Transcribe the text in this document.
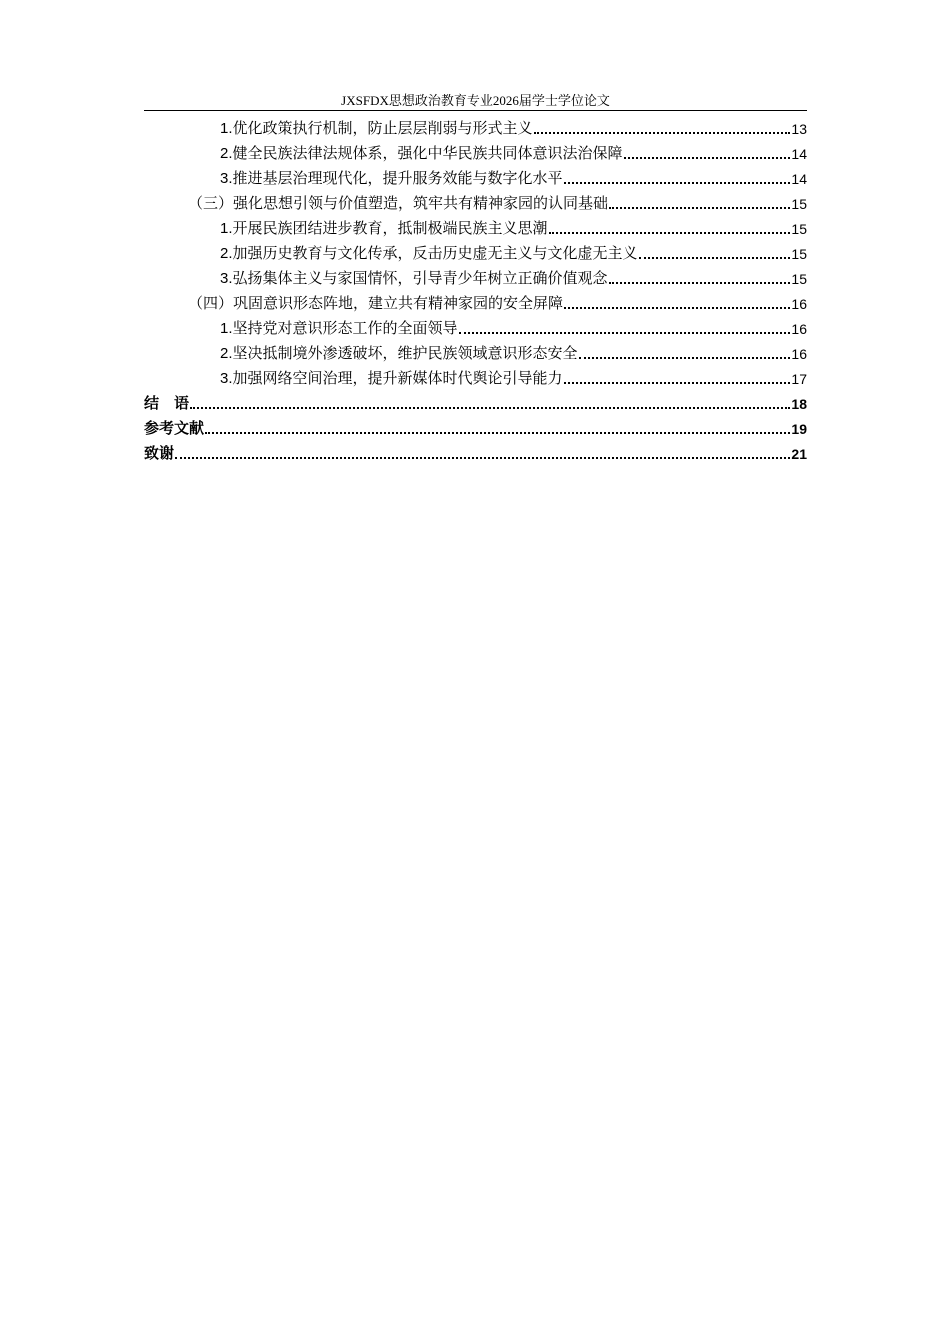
JXSFDX思想政治教育专业2026届学士学位论文
1.优化政策执行机制，防止层层削弱与形式主义	13
2.健全民族法律法规体系，强化中华民族共同体意识法治保障	14
3.推进基层治理现代化，提升服务效能与数字化水平	14
（三）强化思想引领与价值塑造，筑牢共有精神家园的认同基础	15
1.开展民族团结进步教育，抵制极端民族主义思潮	15
2.加强历史教育与文化传承，反击历史虚无主义与文化虚无主义	15
3.弘扬集体主义与家国情怀，引导青少年树立正确价值观念	15
（四）巩固意识形态阵地，建立共有精神家园的安全屏障	16
1.坚持党对意识形态工作的全面领导	16
2.坚决抵制境外渗透破坏，维护民族领域意识形态安全	16
3.加强网络空间治理，提升新媒体时代舆论引导能力	17
结　语	18
参考文献	19
致谢	21
